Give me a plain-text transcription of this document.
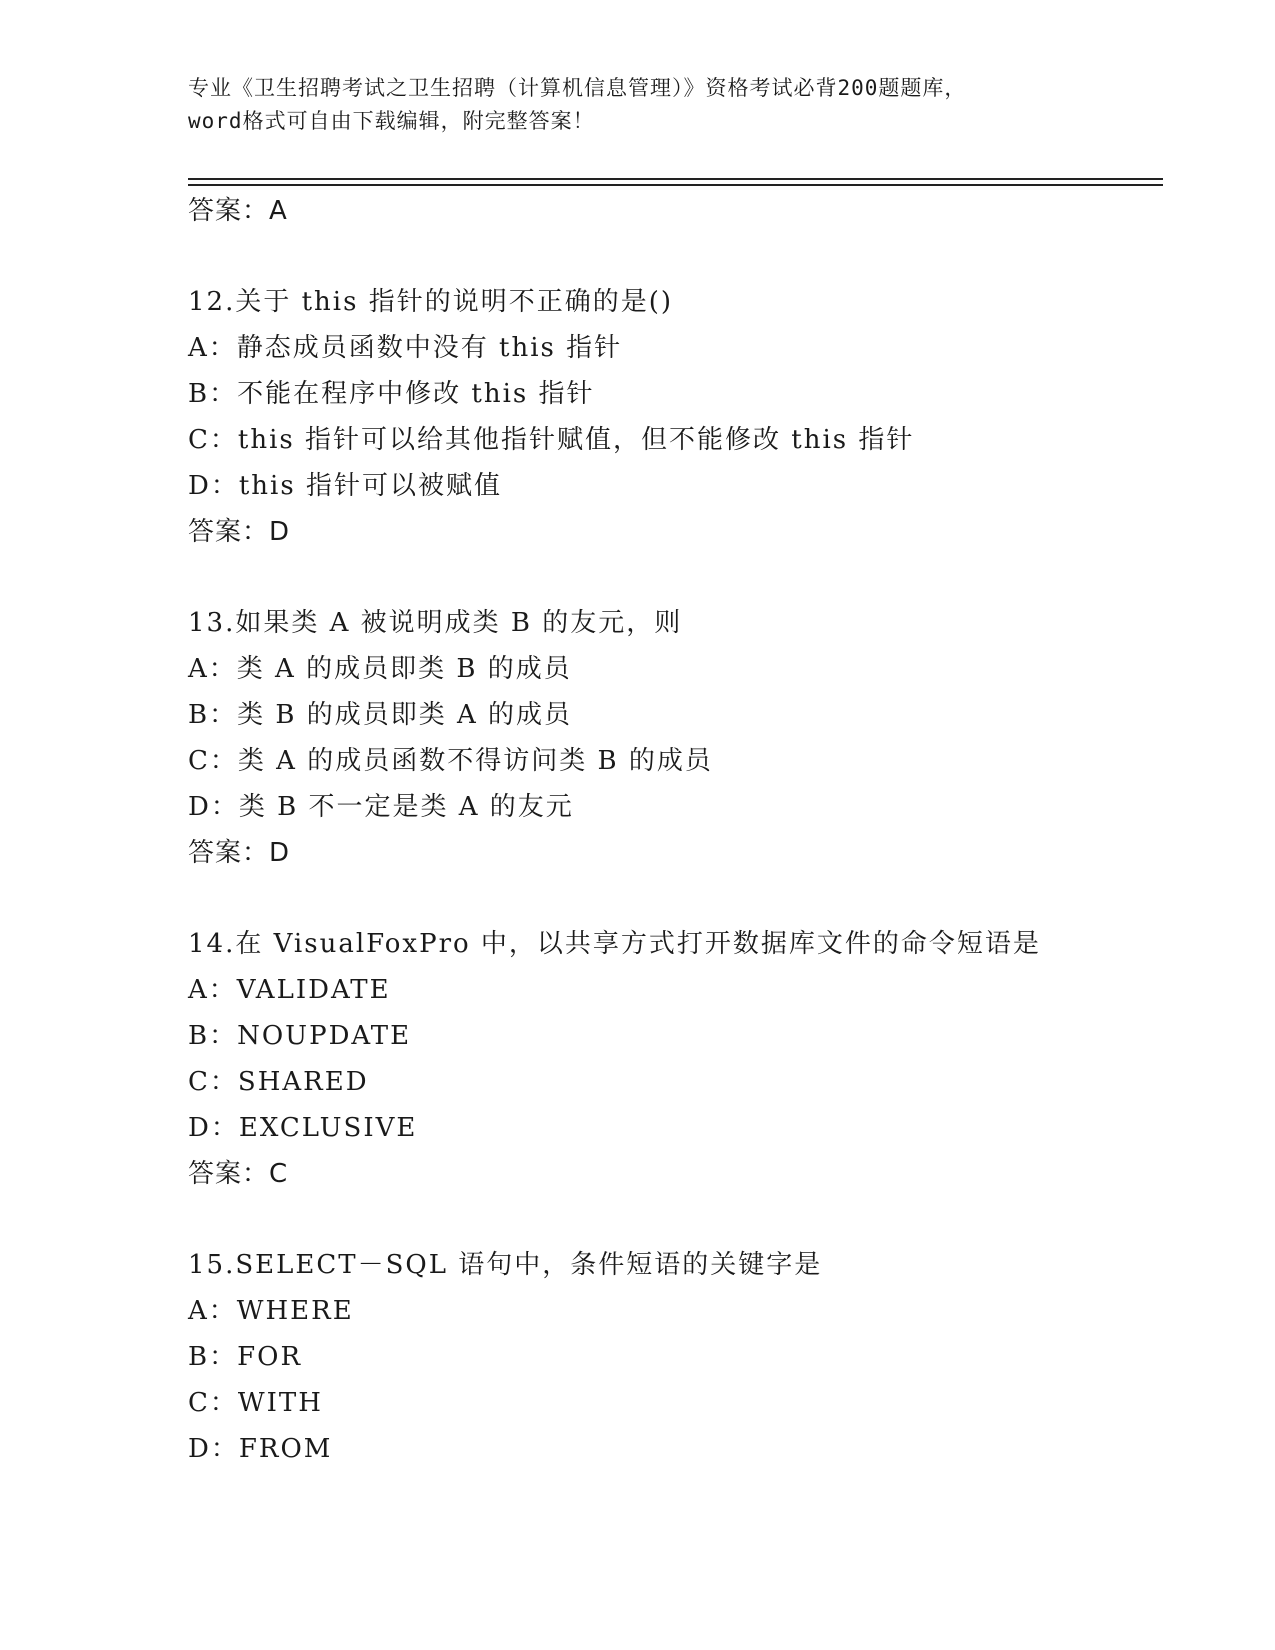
专业《卫生招聘考试之卫生招聘（计算机信息管理）》资格考试必背200题题库，
word格式可自由下载编辑，附完整答案！
答案：A
12.关于 this 指针的说明不正确的是()
A：静态成员函数中没有 this 指针
B：不能在程序中修改 this 指针
C：this 指针可以给其他指针赋值，但不能修改 this 指针
D：this 指针可以被赋值
答案：D
13.如果类 A 被说明成类 B 的友元，则
A：类 A 的成员即类 B 的成员
B：类 B 的成员即类 A 的成员
C：类 A 的成员函数不得访问类 B 的成员
D：类 B 不一定是类 A 的友元
答案：D
14.在 VisualFoxPro 中，以共享方式打开数据库文件的命令短语是
A：VALIDATE
B：NOUPDATE
C：SHARED
D：EXCLUSIVE
答案：C
15.SELECT－SQL 语句中，条件短语的关键字是
A：WHERE
B：FOR
C：WITH
D：FROM
